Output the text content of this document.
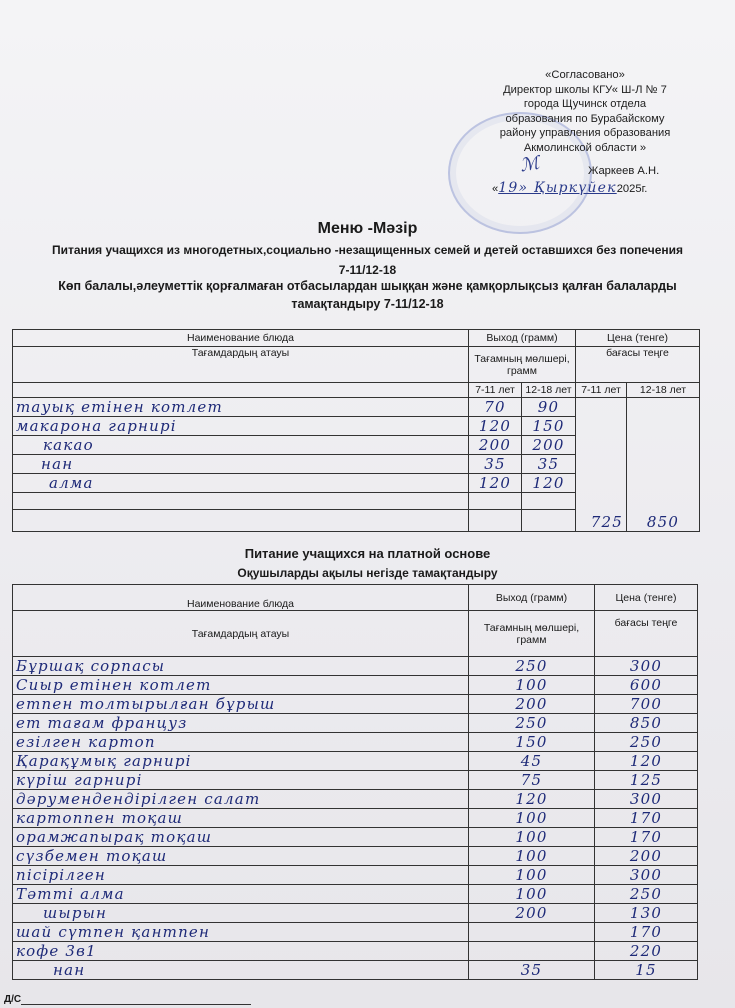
«Согласовано»
Директор школы КГУ« Ш-Л № 7
города Щучинск отдела
образования по Бурабайскому
району управления образования
Акмолинской области »
ℳ	Жаркеев А.Н.
«19» Қыркүйек2025г.
Меню -Мәзір
Питания учащихся из многодетных,социально -незащищенных семей и детей оставшихся без попечения
7-11/12-18
Көп балалы,әлеуметтік қорғалмаған отбасылардан шыққан және қамқорлықсыз қалған балаларды
тамақтандыру 7-11/12-18
Наименование блюда	Выход (грамм)		Цена (тенге)	
Тағамдардың атауы	Тағамның мөлшері, грамм		бағасы теңге	
	7-11 лет	12-18 лет	7-11 лет	12-18 лет
тауық етінен котлет	70	90	725	850
макарона гарнирі	120	150		
какао	200	200		
нан	35	35		
алма	120	120		

Питание учащихся на платной основе
Оқушыларды ақылы негізде тамақтандыру
Наименование блюда	Выход (грамм)	Цена (тенге)
Тағамдардың атауы	Тағамның мөлшері, грамм	бағасы теңге
Бұршақ сорпасы	250	300
Сиыр етінен котлет	100	600
етпен толтырылған бұрыш	200	700
ет тағам француз	250	850
езілген картоп	150	250
Қарақұмық гарнирі	45	120
күріш гарнирі	75	125
дәрумендендірілген салат	120	300
картоппен тоқаш	100	170
орамжапырақ тоқаш	100	170
сүзбемен тоқаш	100	200
пісірілген	100	300
Тәтті алма	100	250
шырын	200	130
шай сүтпен қантпен		170
кофе 3в1		220
нан	35	15
Д/С
